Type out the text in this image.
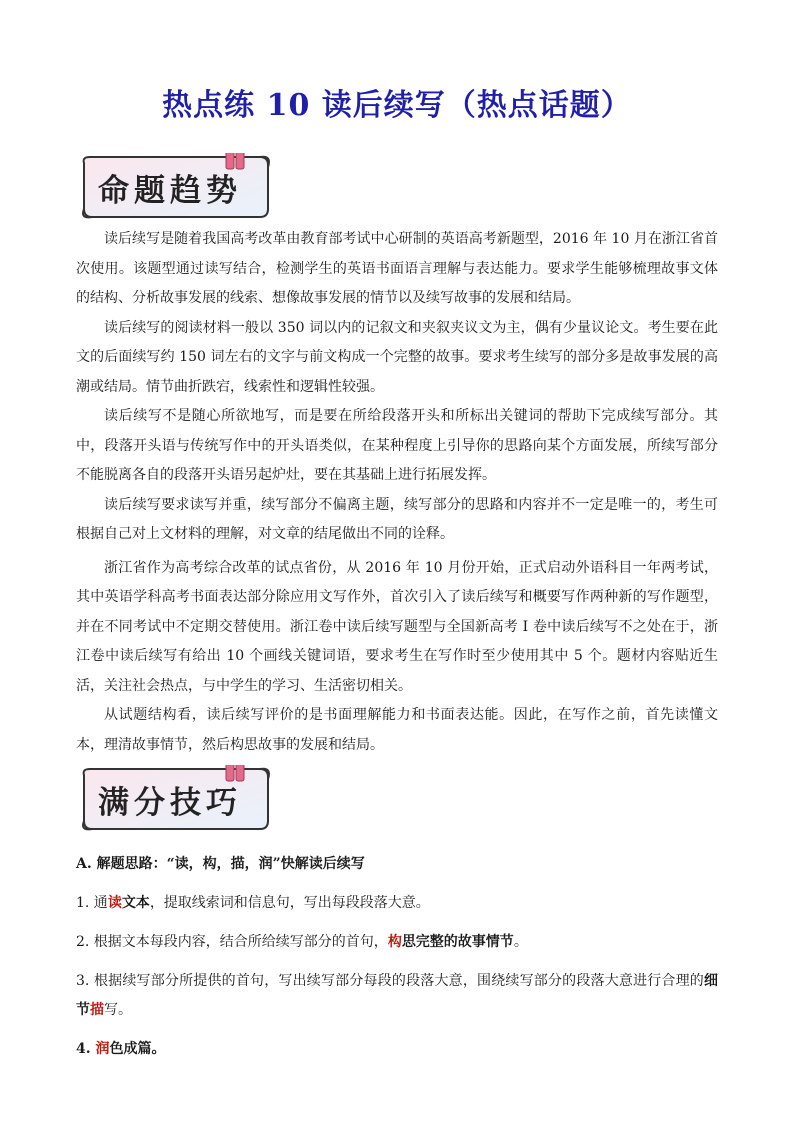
热点练 10 读后续写（热点话题）
命题趋势

读后续写是随着我国高考改革由教育部考试中心研制的英语高考新题型，2016 年 10 月在浙江省首次使用。该题型通过读写结合，检测学生的英语书面语言理解与表达能力。要求学生能够梳理故事文体的结构、分析故事发展的线索、想像故事发展的情节以及续写故事的发展和结局。

读后续写的阅读材料一般以 350 词以内的记叙文和夹叙夹议文为主，偶有少量议论文。考生要在此文的后面续写约 150 词左右的文字与前文构成一个完整的故事。要求考生续写的部分多是故事发展的高潮或结局。情节曲折跌宕，线索性和逻辑性较强。

读后续写不是随心所欲地写，而是要在所给段落开头和所标出关键词的帮助下完成续写部分。其中，段落开头语与传统写作中的开头语类似，在某种程度上引导你的思路向某个方面发展，所续写部分不能脱离各自的段落开头语另起炉灶，要在其基础上进行拓展发挥。

读后续写要求读写并重，续写部分不偏离主题，续写部分的思路和内容并不一定是唯一的，考生可根据自己对上文材料的理解，对文章的结尾做出不同的诠释。

浙江省作为高考综合改革的试点省份，从 2016 年 10 月份开始，正式启动外语科目一年两考试，其中英语学科高考书面表达部分除应用文写作外，首次引入了读后续写和概要写作两种新的写作题型，并在不同考试中不定期交替使用。浙江卷中读后续写题型与全国新高考 I 卷中读后续写不之处在于，浙江卷中读后续写有给出 10 个画线关键词语，要求考生在写作时至少使用其中 5 个。题材内容贴近生活，关注社会热点，与中学生的学习、生活密切相关。

从试题结构看，读后续写评价的是书面理解能力和书面表达能。因此，在写作之前，首先读懂文本，理清故事情节，然后构思故事的发展和结局。

满分技巧
A. 解题思路：“读，构，描，润”快解读后续写
1. 通读文本，提取线索词和信息句，写出每段段落大意。
2. 根据文本每段内容，结合所给续写部分的首句，构思完整的故事情节。
3. 根据续写部分所提供的首句，写出续写部分每段的段落大意，围绕续写部分的段落大意进行合理的细节描写。
4. 润色成篇。
